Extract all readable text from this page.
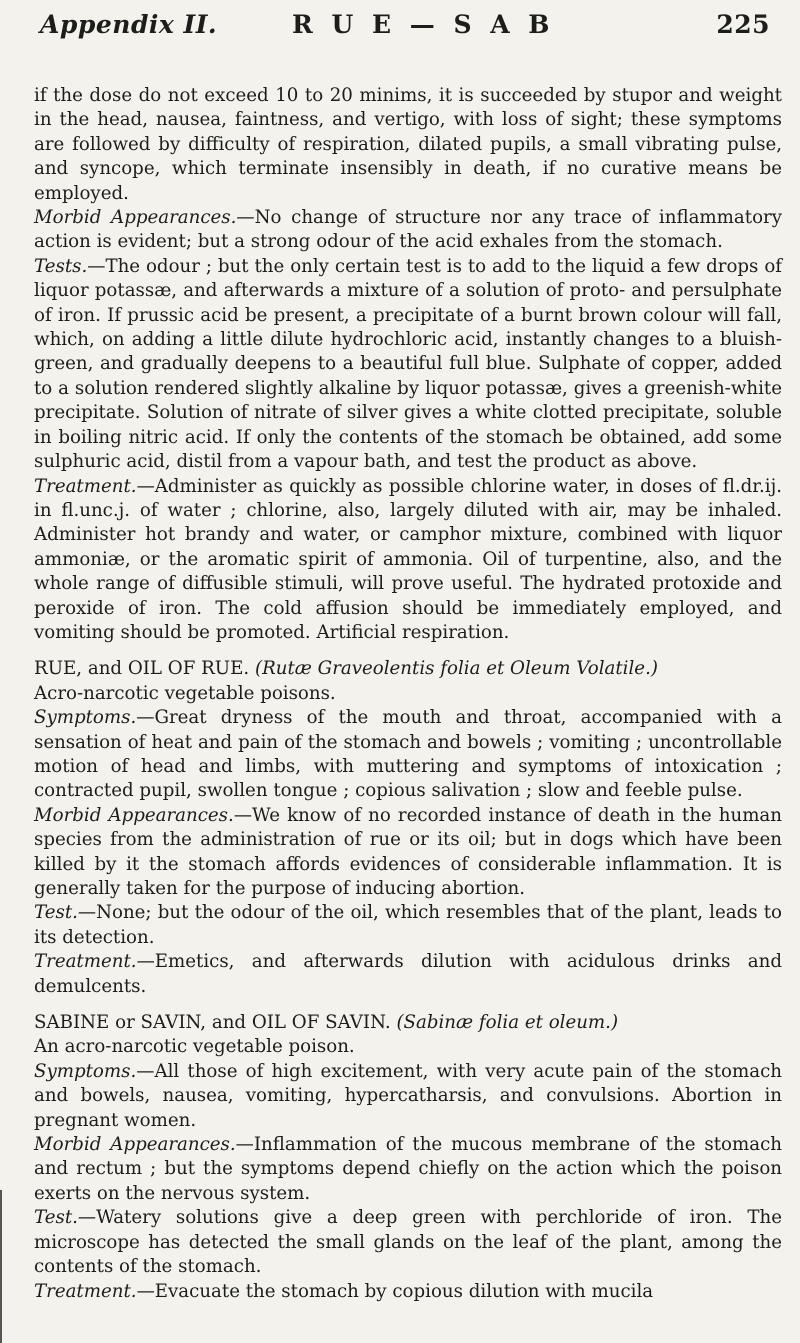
Appendix II.	R U E — S A B	225

if the dose do not exceed 10 to 20 minims, it is succeeded by stupor and weight in the head, nausea, faintness, and vertigo, with loss of sight; these symptoms are followed by difficulty of respiration, dilated pupils, a small vibrating pulse, and syncope, which terminate insensibly in death, if no curative means be employed.

Morbid Appearances.—No change of structure nor any trace of inflammatory action is evident; but a strong odour of the acid exhales from the stomach.

Tests.—The odour ; but the only certain test is to add to the liquid a few drops of liquor potassæ, and afterwards a mixture of a solution of proto- and persulphate of iron. If prussic acid be present, a precipitate of a burnt brown colour will fall, which, on adding a little dilute hydrochloric acid, instantly changes to a bluish-green, and gradually deepens to a beautiful full blue. Sulphate of copper, added to a solution rendered slightly alkaline by liquor potassæ, gives a greenish-white precipitate. Solution of nitrate of silver gives a white clotted precipitate, soluble in boiling nitric acid. If only the contents of the stomach be obtained, add some sulphuric acid, distil from a vapour bath, and test the product as above.

Treatment.—Administer as quickly as possible chlorine water, in doses of fl.dr.ij. in fl.unc.j. of water ; chlorine, also, largely diluted with air, may be inhaled. Administer hot brandy and water, or camphor mixture, combined with liquor ammoniæ, or the aromatic spirit of ammonia. Oil of turpentine, also, and the whole range of diffusible stimuli, will prove useful. The hydrated protoxide and peroxide of iron. The cold affusion should be immediately employed, and vomiting should be promoted. Artificial respiration.

RUE, and OIL OF RUE. (Rutæ Graveolentis folia et Oleum Volatile.)

Acro-narcotic vegetable poisons.

Symptoms.—Great dryness of the mouth and throat, accompanied with a sensation of heat and pain of the stomach and bowels ; vomiting ; uncontrollable motion of head and limbs, with muttering and symptoms of intoxication ; contracted pupil, swollen tongue ; copious salivation ; slow and feeble pulse.

Morbid Appearances.—We know of no recorded instance of death in the human species from the administration of rue or its oil; but in dogs which have been killed by it the stomach affords evidences of considerable inflammation. It is generally taken for the purpose of inducing abortion.

Test.—None; but the odour of the oil, which resembles that of the plant, leads to its detection.

Treatment.—Emetics, and afterwards dilution with acidulous drinks and demulcents.

SABINE or SAVIN, and OIL OF SAVIN. (Sabinæ folia et oleum.)

An acro-narcotic vegetable poison.

Symptoms.—All those of high excitement, with very acute pain of the stomach and bowels, nausea, vomiting, hypercatharsis, and convulsions. Abortion in pregnant women.

Morbid Appearances.—Inflammation of the mucous membrane of the stomach and rectum ; but the symptoms depend chiefly on the action which the poison exerts on the nervous system.

Test.—Watery solutions give a deep green with perchloride of iron. The microscope has detected the small glands on the leaf of the plant, among the contents of the stomach.

Treatment.—Evacuate the stomach by copious dilution with mucila
